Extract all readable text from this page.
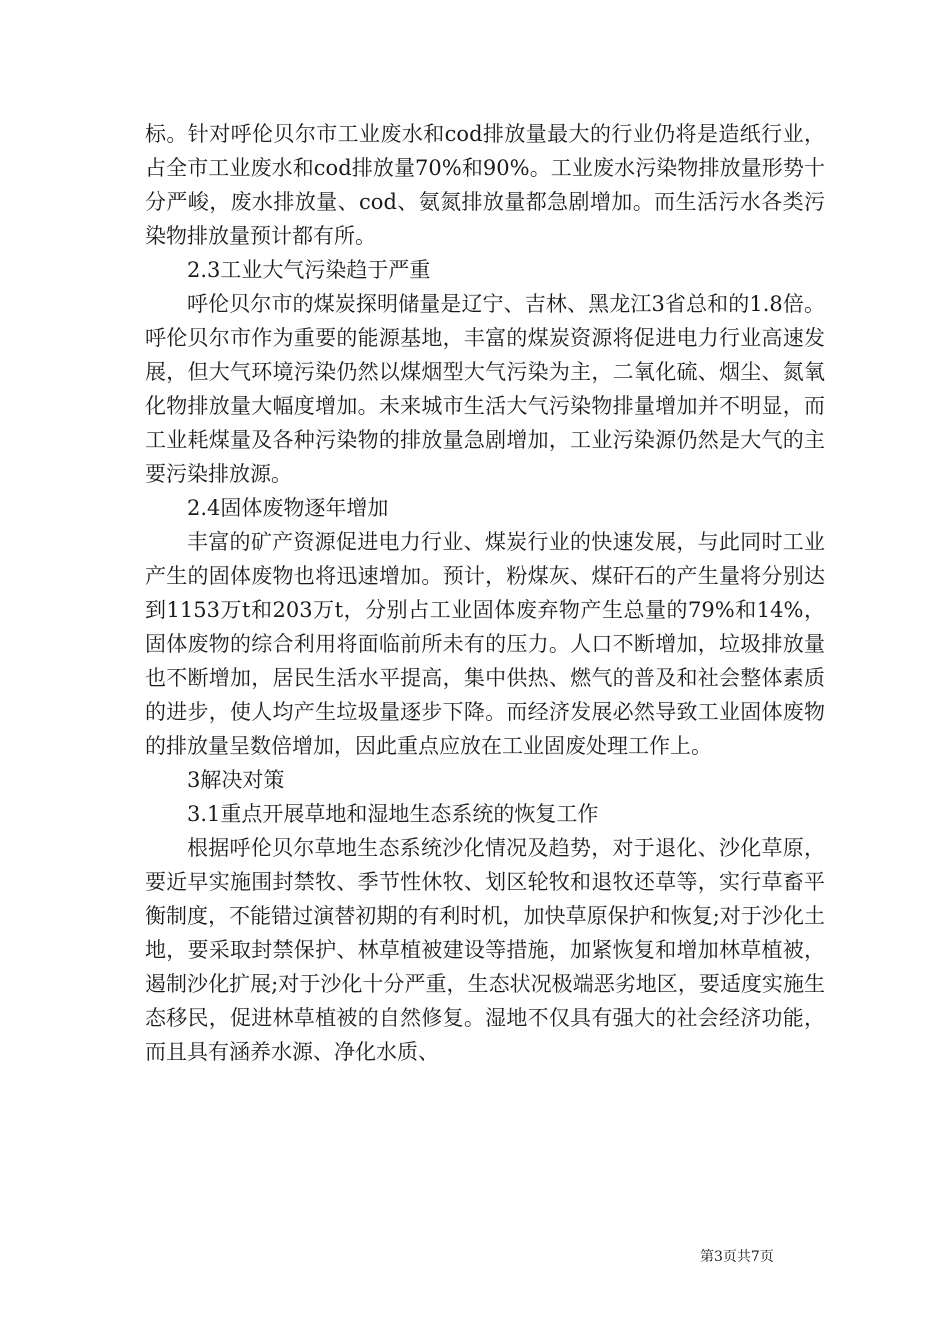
标。针对呼伦贝尔市工业废水和cod排放量最大的行业仍将是造纸行业，占全市工业废水和cod排放量70%和90%。工业废水污染物排放量形势十分严峻，废水排放量、cod、氨氮排放量都急剧增加。而生活污水各类污染物排放量预计都有所。

2.3工业大气污染趋于严重

呼伦贝尔市的煤炭探明储量是辽宁、吉林、黑龙江3省总和的1.8倍。呼伦贝尔市作为重要的能源基地，丰富的煤炭资源将促进电力行业高速发展，但大气环境污染仍然以煤烟型大气污染为主，二氧化硫、烟尘、氮氧化物排放量大幅度增加。未来城市生活大气污染物排量增加并不明显，而工业耗煤量及各种污染物的排放量急剧增加，工业污染源仍然是大气的主要污染排放源。

2.4固体废物逐年增加

丰富的矿产资源促进电力行业、煤炭行业的快速发展，与此同时工业产生的固体废物也将迅速增加。预计，粉煤灰、煤矸石的产生量将分别达到1153万t和203万t，分别占工业固体废弃物产生总量的79%和14%，固体废物的综合利用将面临前所未有的压力。人口不断增加，垃圾排放量也不断增加，居民生活水平提高，集中供热、燃气的普及和社会整体素质的进步，使人均产生垃圾量逐步下降。而经济发展必然导致工业固体废物的排放量呈数倍增加，因此重点应放在工业固废处理工作上。

3解决对策

3.1重点开展草地和湿地生态系统的恢复工作

根据呼伦贝尔草地生态系统沙化情况及趋势，对于退化、沙化草原，要近早实施围封禁牧、季节性休牧、划区轮牧和退牧还草等，实行草畜平衡制度，不能错过演替初期的有利时机，加快草原保护和恢复;对于沙化土地，要采取封禁保护、林草植被建设等措施，加紧恢复和增加林草植被，遏制沙化扩展;对于沙化十分严重，生态状况极端恶劣地区，要适度实施生态移民，促进林草植被的自然修复。湿地不仅具有强大的社会经济功能，而且具有涵养水源、净化水质、

第3页共7页
